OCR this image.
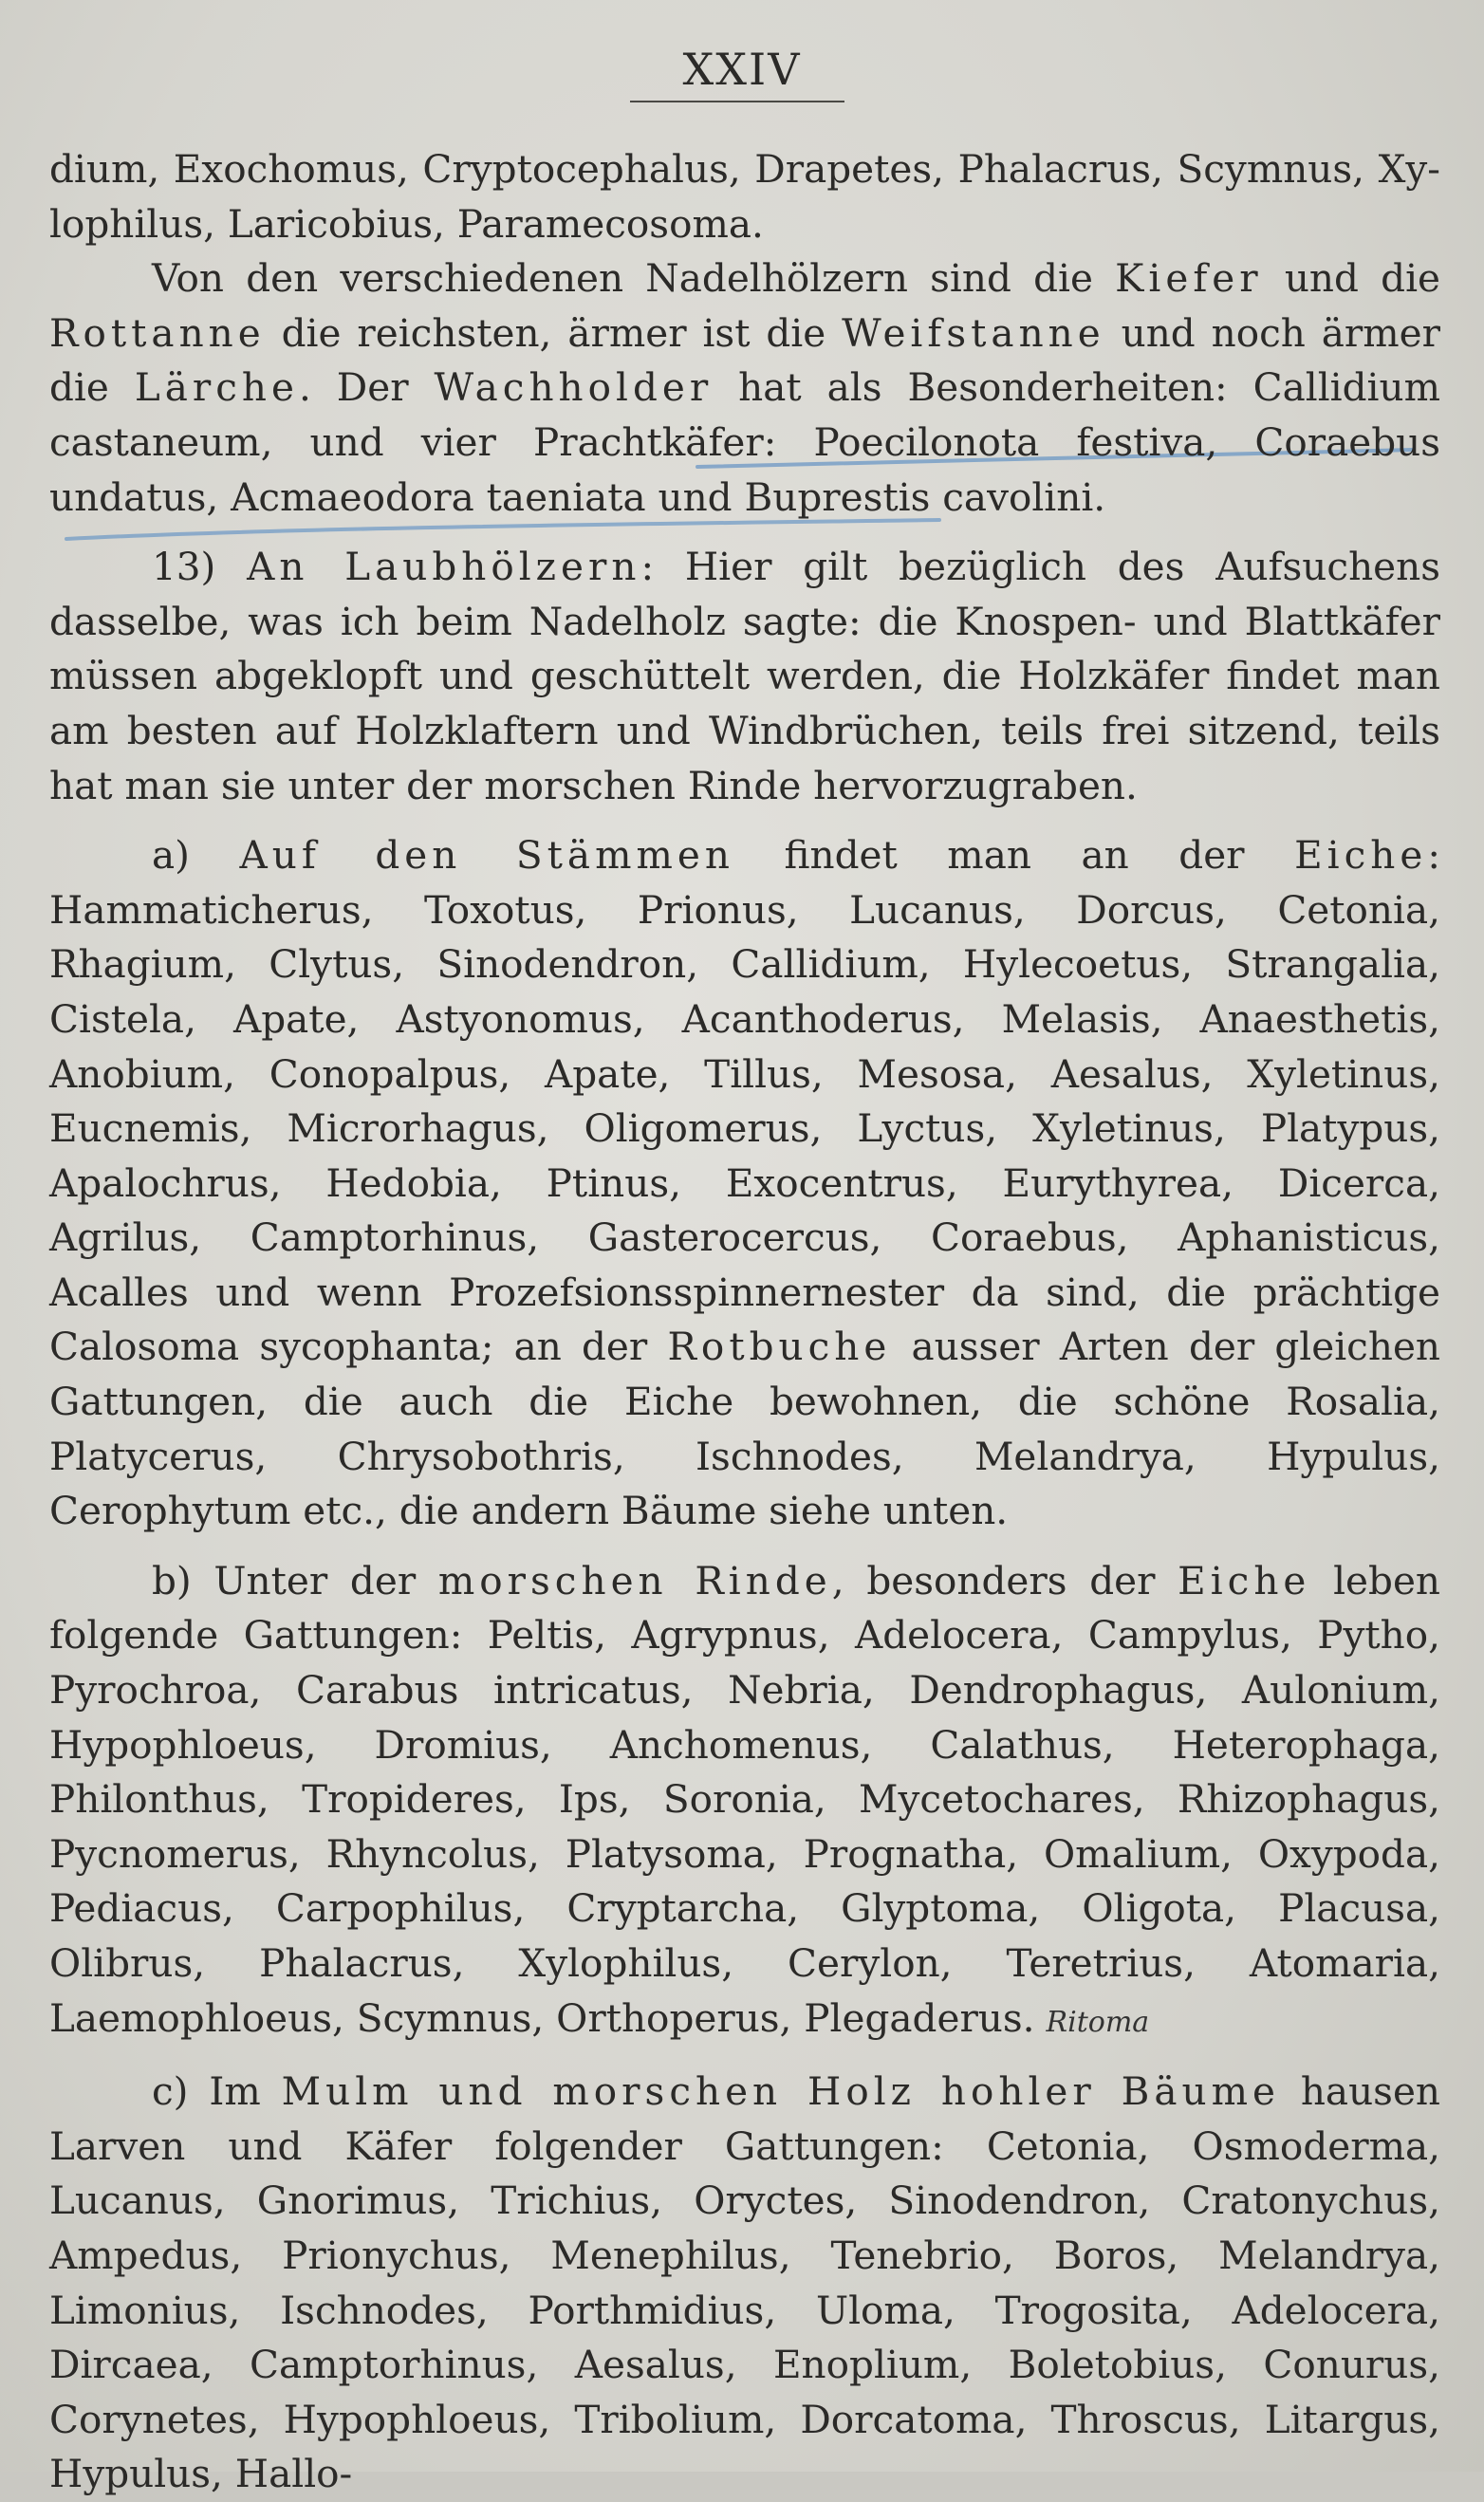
XXIV

dium, Exochomus, Cryptocephalus, Drapetes, Phalacrus, Scymnus, Xy-lophilus, Laricobius, Paramecosoma.

Von den verschiedenen Nadelhölzern sind die Kiefer und die Rottanne die reichsten, ärmer ist die Weifstanne und noch ärmer die Lärche. Der Wachholder hat als Besonderheiten: Callidium castaneum, und vier Prachtkäfer: Poecilonota festiva, Coraebus undatus, Acmaeodora taeniata und Buprestis cavolini.

13) An Laubhölzern: Hier gilt bezüglich des Aufsuchens dasselbe, was ich beim Nadelholz sagte: die Knospen- und Blattkäfer müssen abgeklopft und geschüttelt werden, die Holzkäfer findet man am besten auf Holzklaftern und Windbrüchen, teils frei sitzend, teils hat man sie unter der morschen Rinde hervorzugraben.

a) Auf den Stämmen findet man an der Eiche: Hammaticherus, Toxotus, Prionus, Lucanus, Dorcus, Cetonia, Rhagium, Clytus, Sinodendron, Callidium, Hylecoetus, Strangalia, Cistela, Apate, Astyonomus, Acanthoderus, Melasis, Anaesthetis, Anobium, Conopalpus, Apate, Tillus, Mesosa, Aesalus, Xyletinus, Eucnemis, Microrhagus, Oligomerus, Lyctus, Xyletinus, Platypus, Apalochrus, Hedobia, Ptinus, Exocentrus, Eurythyrea, Dicerca, Agrilus, Camptorhinus, Gasterocercus, Coraebus, Aphanisticus, Acalles und wenn Prozefsionsspinnernester da sind, die prächtige Calosoma sycophanta; an der Rotbuche ausser Arten der gleichen Gattungen, die auch die Eiche bewohnen, die schöne Rosalia, Platycerus, Chrysobothris, Ischnodes, Melandrya, Hypulus, Cerophytum etc., die andern Bäume siehe unten.

b) Unter der morschen Rinde, besonders der Eiche leben folgende Gattungen: Peltis, Agrypnus, Adelocera, Campylus, Pytho, Pyrochroa, Carabus intricatus, Nebria, Dendrophagus, Aulonium, Hypophloeus, Dromius, Anchomenus, Calathus, Heterophaga, Philonthus, Tropideres, Ips, Soronia, Mycetochares, Rhizophagus, Pycnomerus, Rhyncolus, Platysoma, Prognatha, Omalium, Oxypoda, Pediacus, Carpophilus, Cryptarcha, Glyptoma, Oligota, Placusa, Olibrus, Phalacrus, Xylophilus, Cerylon, Teretrius, Atomaria, Laemophloeus, Scymnus, Orthoperus, Plegaderus. Ritoma

c) Im Mulm und morschen Holz hohler Bäume hausen Larven und Käfer folgender Gattungen: Cetonia, Osmoderma, Lucanus, Gnorimus, Trichius, Oryctes, Sinodendron, Cratonychus, Ampedus, Prionychus, Menephilus, Tenebrio, Boros, Melandrya, Limonius, Ischnodes, Porthmidius, Uloma, Trogosita, Adelocera, Dircaea, Camptorhinus, Aesalus, Enoplium, Boletobius, Conurus, Corynetes, Hypophloeus, Tribolium, Dorcatoma, Throscus, Litargus, Hypulus, Hallo-
